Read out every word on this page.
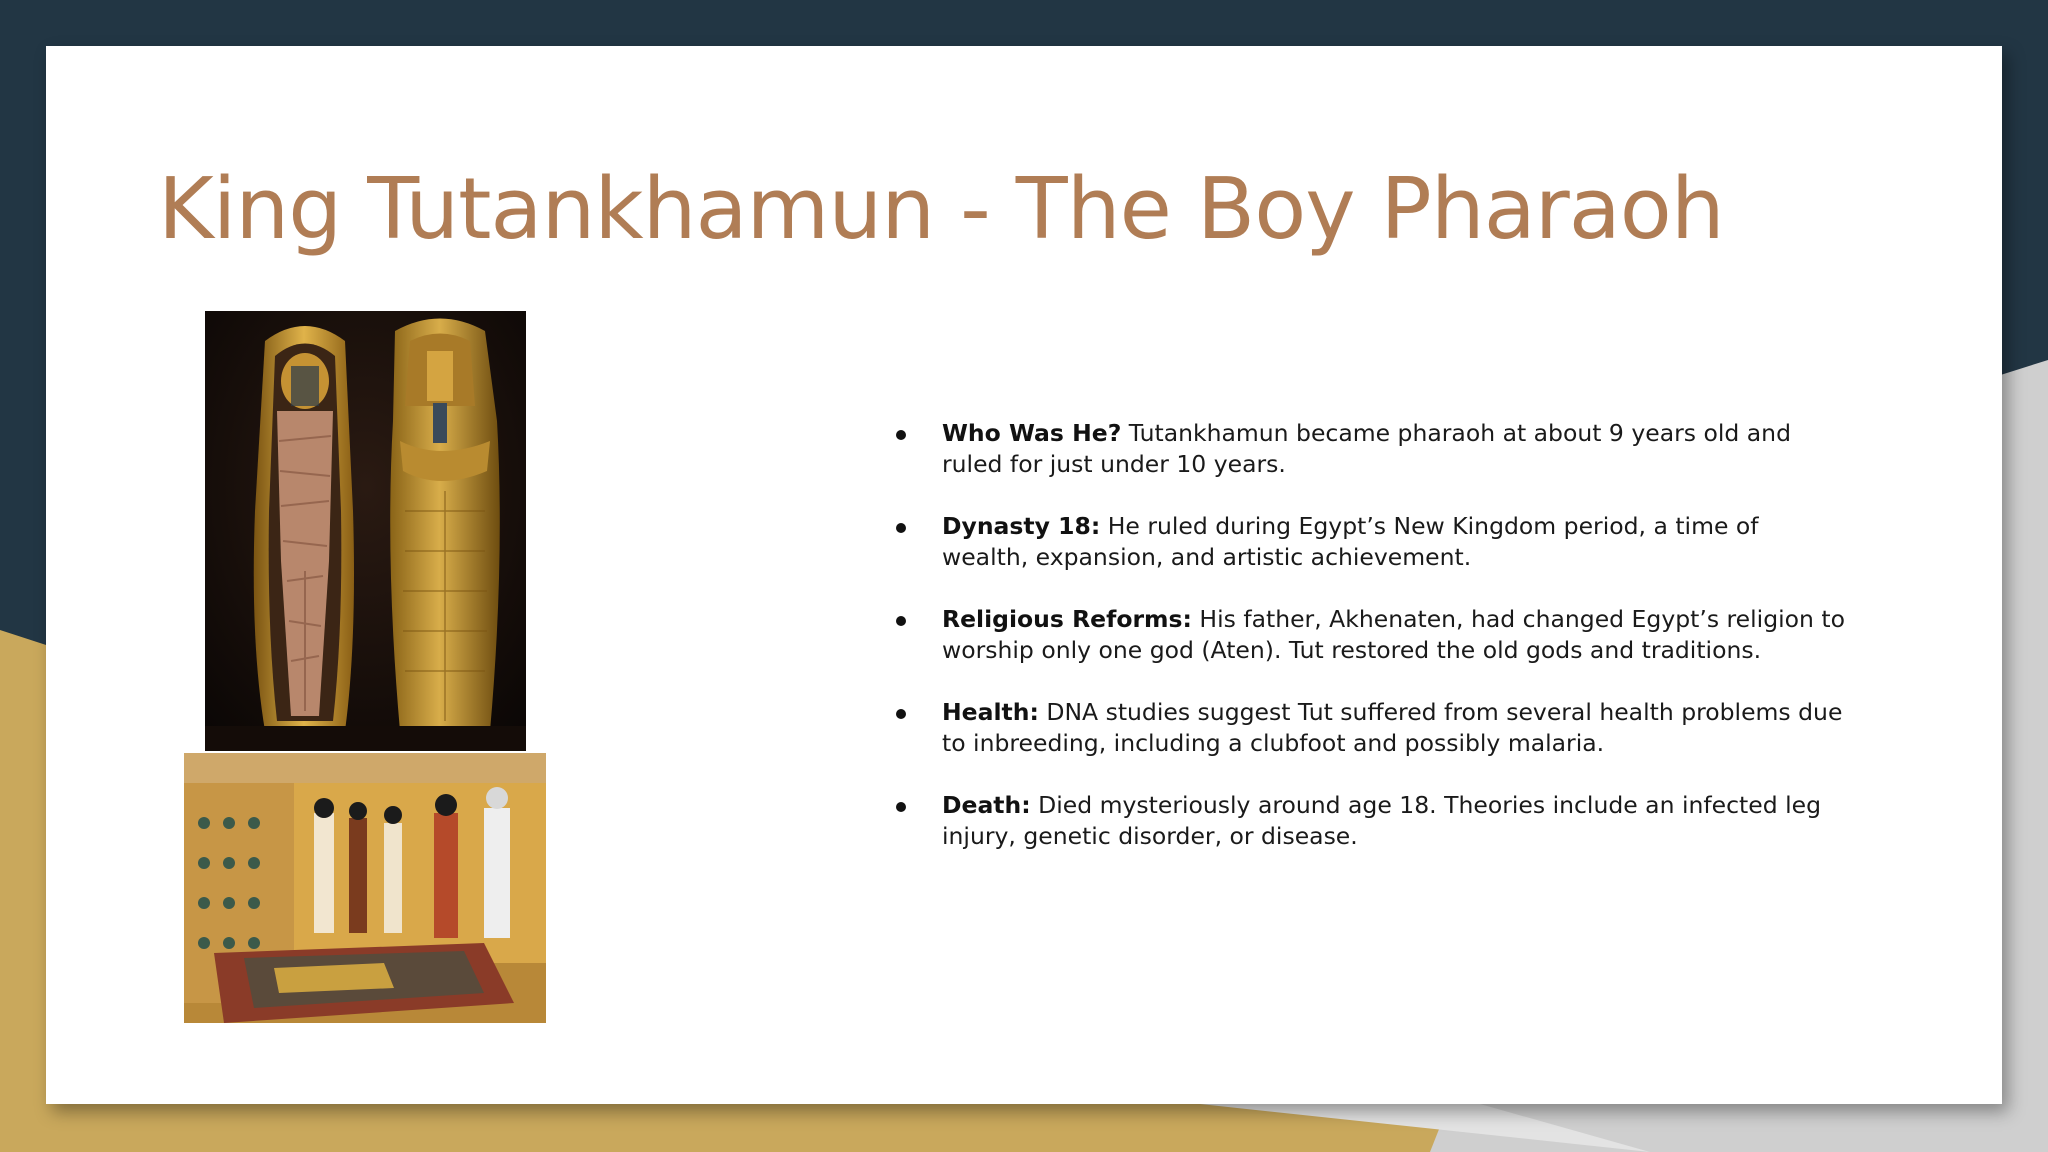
King Tutankhamun - The Boy Pharaoh
Who Was He? Tutankhamun became pharaoh at about 9 years old and ruled for just under 10 years.
Dynasty 18: He ruled during Egypt’s New Kingdom period, a time of wealth, expansion, and artistic achievement.
Religious Reforms: His father, Akhenaten, had changed Egypt’s religion to worship only one god (Aten). Tut restored the old gods and traditions.
Health: DNA studies suggest Tut suffered from several health problems due to inbreeding, including a clubfoot and possibly malaria.
Death: Died mysteriously around age 18. Theories include an infected leg injury, genetic disorder, or disease.
